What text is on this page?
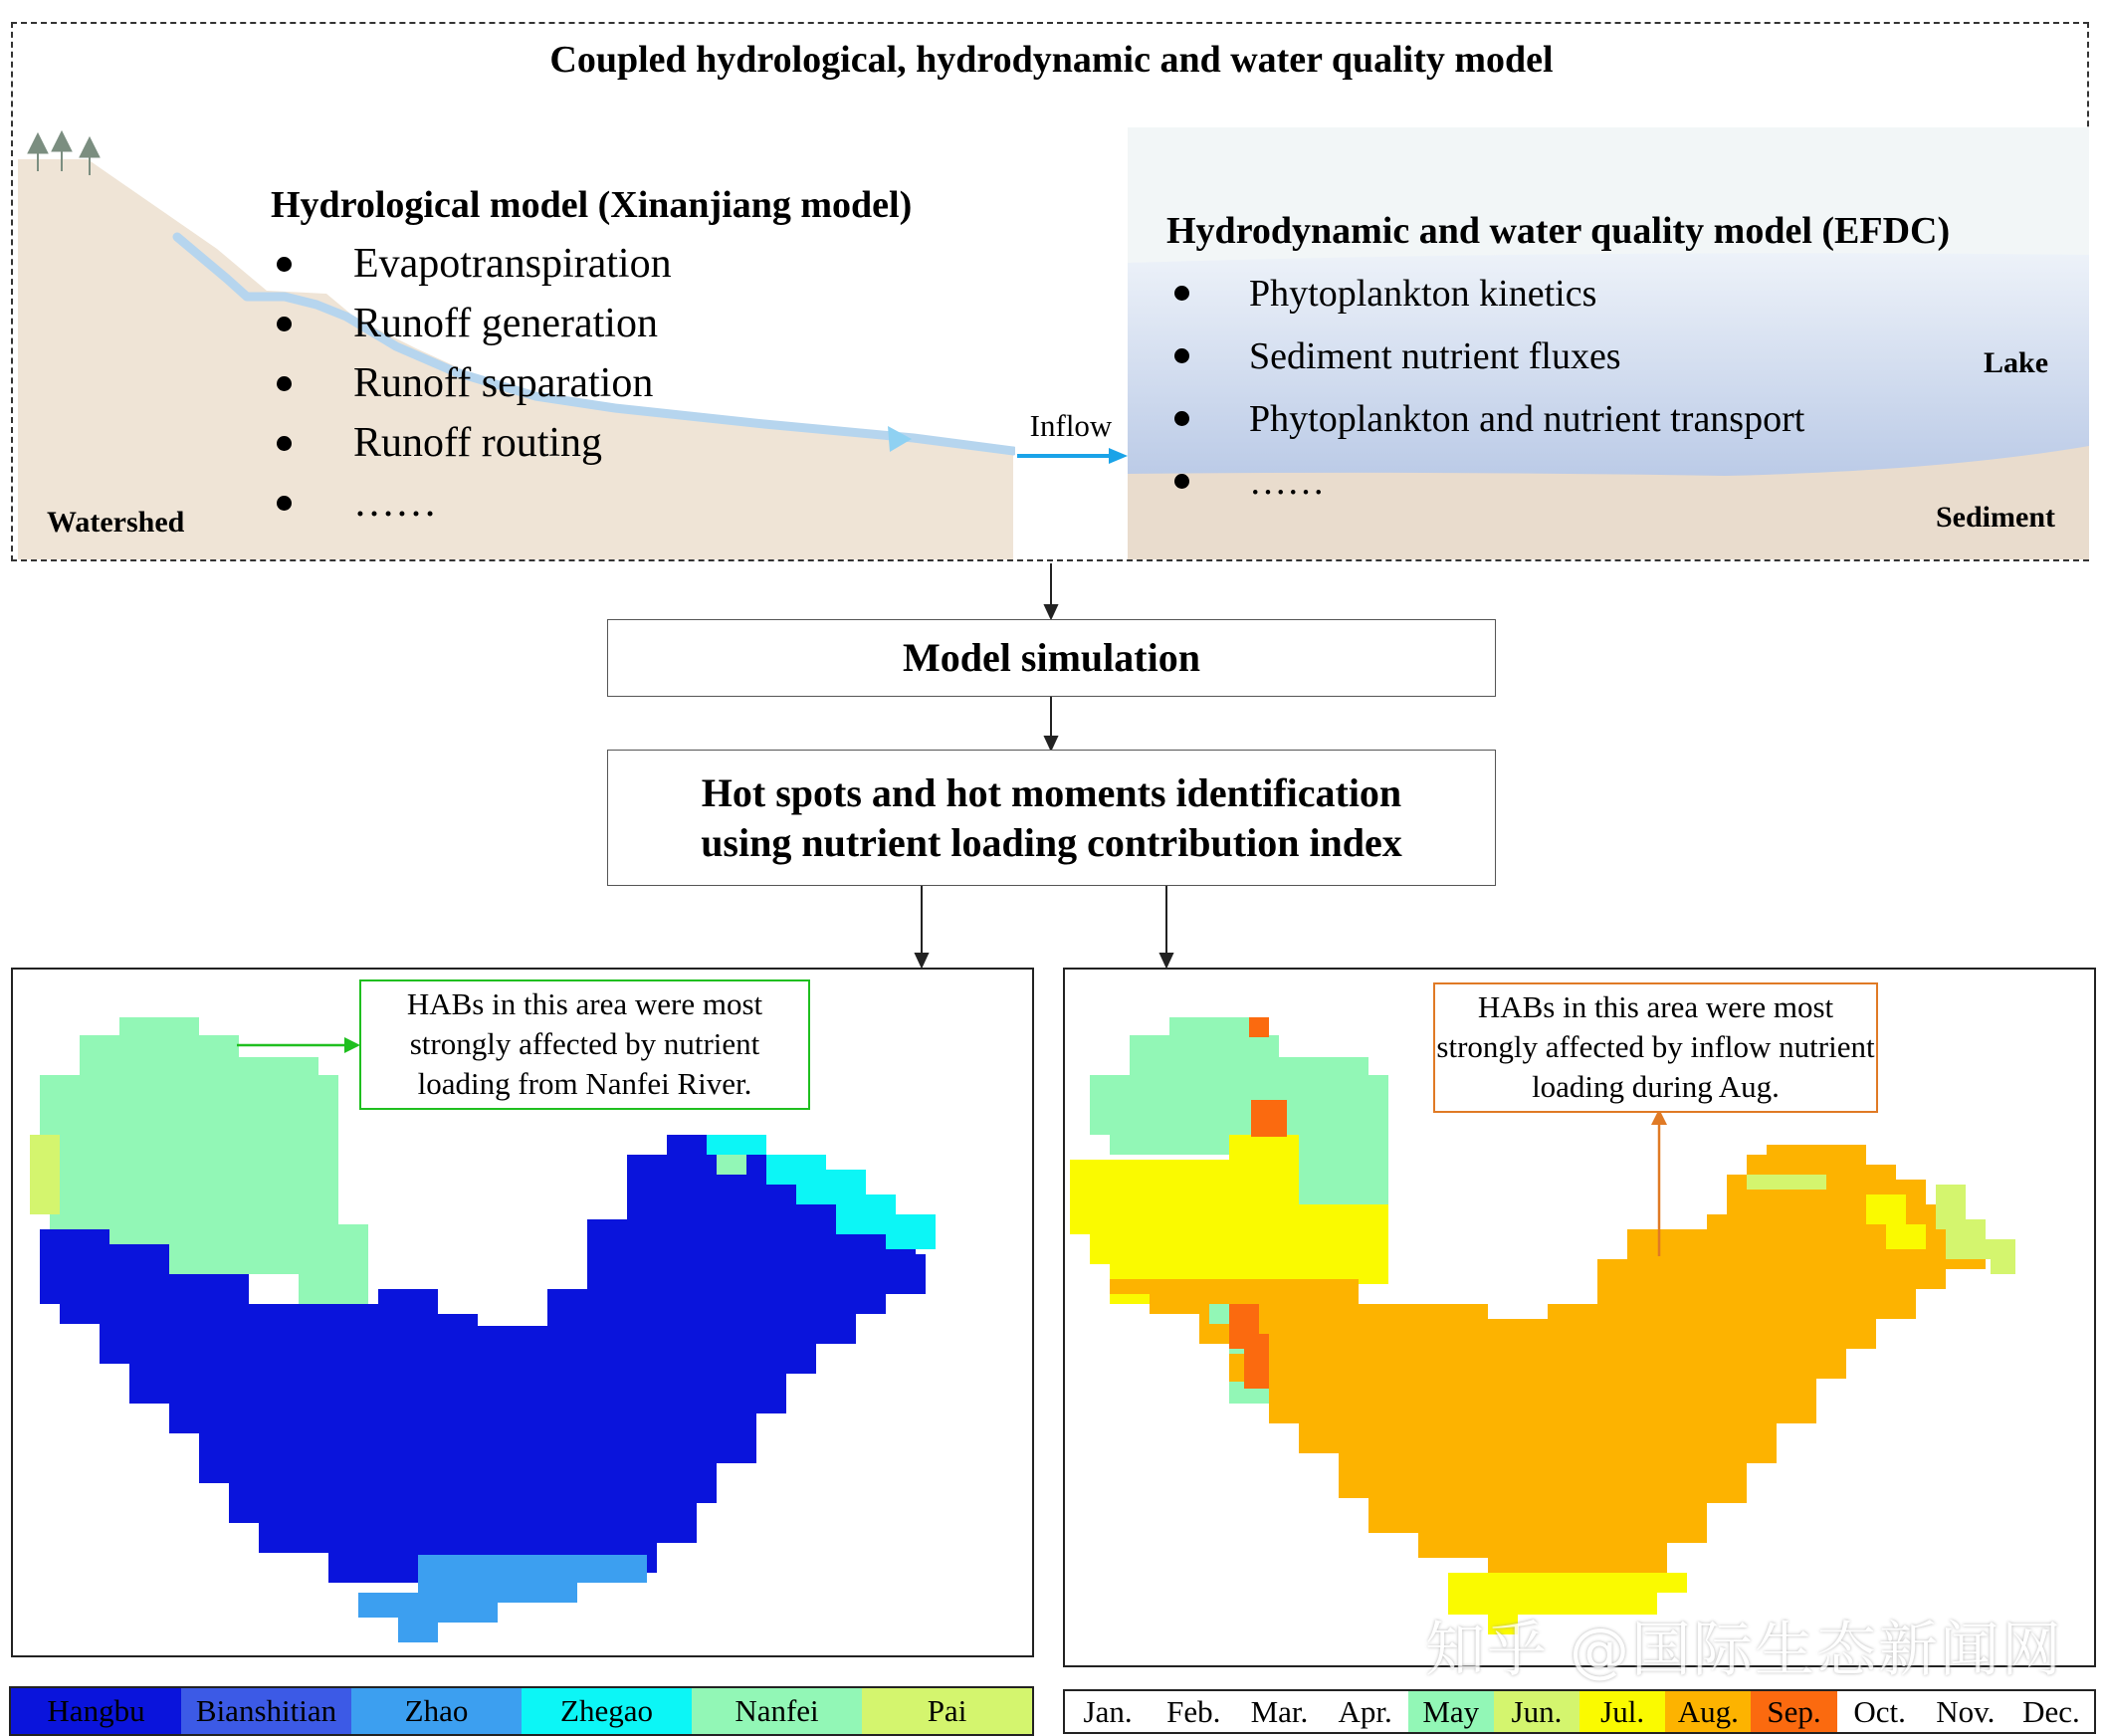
Coupled hydrological, hydrodynamic and water quality model
Hydrological model (Xinanjiang model)
Evapotranspiration
Runoff generation
Runoff separation
Runoff routing
……
Watershed
Inflow
Hydrodynamic and water quality model (EFDC)
Phytoplankton kinetics
Sediment nutrient fluxes
Phytoplankton and nutrient transport
……
Lake
Sediment
Model simulation
Hot spots and hot moments identification using nutrient loading contribution index
HABs in this area were most strongly affected by nutrient loading from Nanfei River.
HABs in this area were most strongly affected by inflow nutrient loading during Aug.
Hangbu	Bianshitian	Zhao	Zhegao	Nanfei	Pai	Jan.	Feb. Mar. Apr. May	Jun.	Jul.	Aug. Sep.	Oct. Nov. Dec.
知乎 @国际生态新闻网
